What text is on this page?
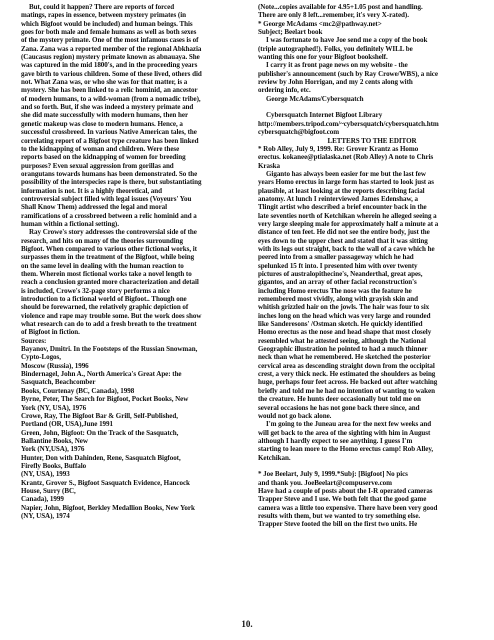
But, could it happen? There are reports of forced

matings, rapes in essence, between mystery primates (in

which Bigfoot would be included) and human beings. This

goes for both male and female humans as well as both sexes

of the mystery primate. One of the most infamous cases is of

Zana. Zana was a reported member of the regional Abkhazia

(Caucasus region) mystery primate known as abnauaya. She

was captured in the mid 1800's, and in the proceeding years

gave birth to various children. Some of these lived, others did

not. What Zana was, or who she was for that matter, is a

mystery. She has been linked to a relic hominid, an ancestor

of modern humans, to a wild-woman (from a nomadic tribe),

and so forth. But, if she was indeed a mystery primate and

she did mate successfully with modern humans, then her

genetic makeup was close to modern humans. Hence, a

successful crossbreed. In various Native American tales, the

correlating report of a Bigfoot type creature has been linked

to the kidnapping of woman and children. Were these

reports based on the kidnapping of women for breeding

purposes? Even sexual aggression from gorillas and

orangutans towards humans has been demonstrated. So the

possibility of the interspecies rape is there, but substantiating

information is not. It is a highly theoretical, and

controversial subject filled with legal issues (Voyeurs' You

Shall Know Them) addressed the legal and moral

ramifications of a crossbreed between a relic hominid and a

human within a fictional setting).

Ray Crowe's story addresses the controversial side of the

research, and hits on many of the theories surrounding

Bigfoot. When compared to various other fictional works, it

surpasses them in the treatment of the Bigfoot, while being

on the same level in dealing with the human reaction to

them. Wherein most fictional works take a novel length to

reach a conclusion granted more characterization and detail

is included, Crowe's 32-page story performs a nice

introduction to a fictional world of Bigfoot.. Though one

should be forewarned, the relatively graphic depiction of

violence and rape may trouble some. But the work does show

what research can do to add a fresh breath to the treatment

of Bigfoot in fiction.

Sources:

Bayanov, Dmitri. In the Footsteps of the Russian Snowman,

Cypto-Logos,

Moscow (Russia), 1996

Bindernagel, John A., North America's Great Ape: the

Sasquatch, Beachcomber

Books, Courtenay (BC, Canada), 1998

Byrne, Peter, The Search for Bigfoot, Pocket Books, New

York (NY, USA), 1976

Crowe, Ray, The Bigfoot Bar & Grill, Self-Published,

Portland (OR, USA),June 1991

Green, John, Bigfoot: On the Track of the Sasquatch,

Ballantine Books, New

York (NY,USA), 1976

Hunter, Don with Dahinden, Rene, Sasquatch Bigfoot,

Firefly Books, Buffalo

(NY, USA), 1993

Krantz, Grover S., Bigfoot Sasquatch Evidence, Hancock

House, Surry (BC,

Canada), 1999

Napier, John, Bigfoot, Berkley Medallion Books, New York

(NY, USA), 1974

(Note...copies available for 4.95+1.05 post and handling.

There are only 8 left...remember, it's very X-rated).

* George McAdams <mc2@pathway.net>

Subject; Beelart book

I was fortunate to have Joe send me a copy of the book

(triple autographed!). Folks, you definitely WILL be

wanting this one for your Bigfoot bookshelf.

I carry it as front page news on my website - the

publisher's announcement (such by Ray Crowe/WBS), a nice

review by John Horrigan, and my 2 cents along with

ordering info, etc.

George McAdams/Cybersquatch

Cybersquatch Internet Bigfoot Library

http://members.tripod.com/~cybersquatch/cybersquatch.htm

cybersquatch@bigfoot.com

LETTERS TO THE EDITOR

* Rob Alley, July 9, 1999. Re: Grover Krantz as Homo

erectus. kokanee@ptialaska.net (Rob Alley) A note to Chris

Kraska

Giganto has always been easier for me but the last few

years Homo erectus in large form has started to look just as

plausible, at least looking at the reports describing facial

anatomy. At lunch I reinterviewed James Edenshaw, a

Tlingit artist who described a brief encounter back in the

late seventies north of Ketchikan wherein he alleged seeing a

very large sleeping male for approximately half a minute at a

distance of ten feet. He did not see the entire body, just the

eyes down to the upper chest and stated that it was sitting

with its legs out straight, back to the wall of a cave which he

peered into from a smaller passageway which he had

spelunked 15 ft into. I presented him with over twenty

pictures of australopithecine's, Neanderthal, great apes,

gigantos, and an array of other facial reconstruction's

including Homo erectus The nose was the feature he

remembered most vividly, along with grayish skin and

whitish grizzled hair on the jowls. The hair was four to six

inches long on the head which was very large and rounded

like Sanderesons' /Ostman sketch. He quickly identified

Homo erectus as the nose and head shape that most closely

resembled what he attested seeing, although the National

Geographic illustration he pointed to had a much thinner

neck than what he remembered. He sketched the posterior

cervical area as descending straight down from the occipital

crest, a very thick neck. He estimated the shoulders as being

huge, perhaps four feet across. He backed out after watching

briefly and told me he had no intention of wanting to waken

the creature. He hunts deer occasionally but told me on

several occasions he has not gone back there since, and

would not go back alone.

I'm going to the Juneau area for the next few weeks and

will get back to the area of the sighting with him in August

although I hardly expect to see anything. I guess I'm

starting to lean more to the Homo erectus camp! Rob Alley,

Ketchikan.

* Joe Beelart, July 9, 1999.*Subj: [Bigfoot] No pics

and thank you. JoeBeelart@compuserve.com

Have had a couple of posts about the I-R operated cameras

Trapper Steve and I use. We both felt that the good game

camera was a little too expensive. There have been very good

results with them, but we wanted to try something else.

Trapper Steve footed the bill on the first two units. He

10.
